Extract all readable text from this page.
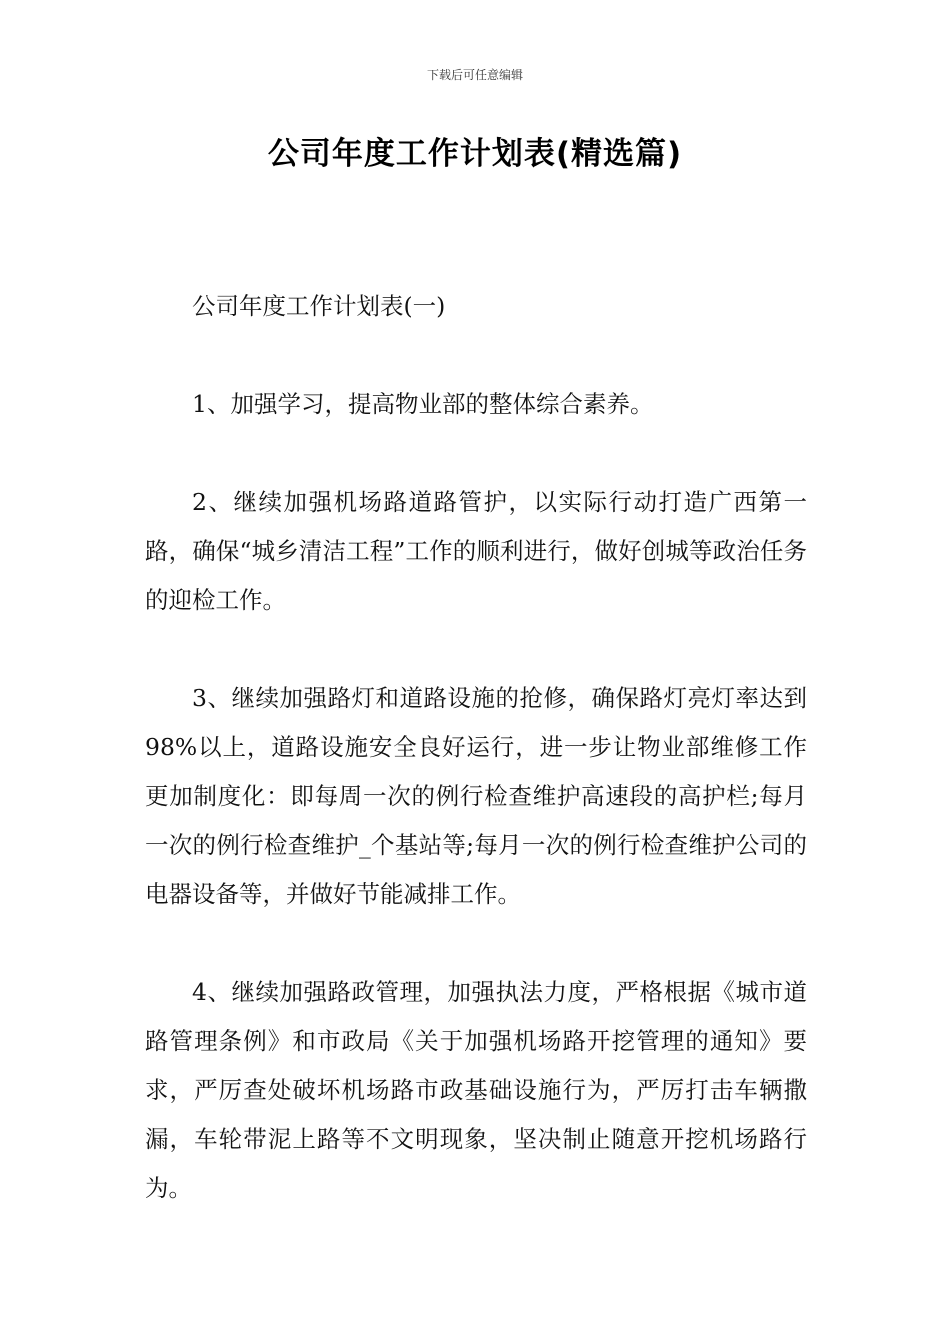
下载后可任意编辑
公司年度工作计划表(精选篇)

公司年度工作计划表(一)

1、加强学习，提高物业部的整体综合素养。

2、继续加强机场路道路管护，以实际行动打造广西第一路，确保“城乡清洁工程”工作的顺利进行，做好创城等政治任务的迎检工作。

3、继续加强路灯和道路设施的抢修，确保路灯亮灯率达到98%以上，道路设施安全良好运行，进一步让物业部维修工作更加制度化：即每周一次的例行检查维护高速段的高护栏;每月一次的例行检查维护_个基站等;每月一次的例行检查维护公司的电器设备等，并做好节能减排工作。

4、继续加强路政管理，加强执法力度，严格根据《城市道路管理条例》和市政局《关于加强机场路开挖管理的通知》要求，严厉查处破坏机场路市政基础设施行为，严厉打击车辆撒漏，车轮带泥上路等不文明现象，坚决制止随意开挖机场路行为。
